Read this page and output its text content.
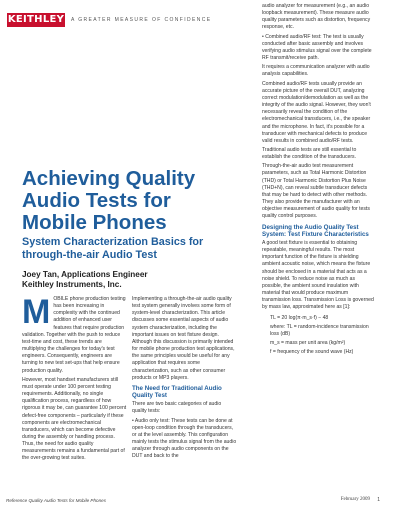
KEITHLEY A GREATER MEASURE OF CONFIDENCE
Achieving Quality Audio Tests for Mobile Phones
System Characterization Basics for through-the-air Audio Test
Joey Tan, Applications Engineer
Keithley Instruments, Inc.

MOBILE phone production testing has been increasing in complexity with the continued addition of enhanced user features that require production validation. Together with the push to reduce test-time and cost, these trends are multiplying the challenges for today's test engineers. Consequently, engineers are turning to new test set-ups that help ensure production quality.

However, most handset manufacturers still must operate under 100 percent testing requirements. Additionally, no single qualification process, regardless of how rigorous it may be, can guarantee 100 percent defect-free components – particularly if these components are electromechanical transducers, which can become defective during the assembly or handling process. Thus, the need for audio quality measurements remains a fundamental part of the over-growing test suites.

Implementing a through-the-air audio quality test system generally involves some form of system-level characterization. This article discusses some essential aspects of audio system characterization, including the important issues on test fixture design. Although this discussion is primarily intended for mobile phone production test applications, the same principles would be useful for any application that requires some characterization, such as other consumer products or MP3 players.

The Need for Traditional Audio Quality Test

There are two basic categories of audio quality tests:

• Audio only test: These tests can be done at open-loop condition through the transducers, or at the level assembly. This configuration mainly tests the stimulus signal from the audio analyzer through audio components on the DUT and back to the

audio analyzer for measurement (e.g., an audio loopback measurement). These measure audio quality parameters such as distortion, frequency response, etc.

• Combined audio/RF test: The test is usually conducted after basic assembly and involves verifying audio stimulus signal over the complete RF transmit/receive path.

It requires a communication analyzer with audio analysis capabilities.

Combined audio/RF tests usually provide an accurate picture of the overall DUT, analyzing correct modulation/demodulation as well as the integrity of the audio signal. However, they won't necessarily reveal the condition of the electromechanical transducers, i.e., the speaker and the microphone. In fact, it's possible for a transducer with mechanical defects to produce valid results in combined audio/RF tests.

Traditional audio tests are still essential to establish the condition of the transducers.

Through-the-air audio test measurement parameters, such as Total Harmonic Distortion (THD) or Total Harmonic Distortion Plus Noise (THD+N), can reveal subtle transducer defects that may be hard to detect with other methods. They also provide the manufacturer with an objective measurement of audio quality for tests quality control purposes.

Designing the Audio Quality Test System: Test Fixture Characteristics

A good test fixture is essential to obtaining repeatable, meaningful results. The most important function of the fixture is shielding ambient acoustic noise, which means the fixture should be enclosed in a material that acts as a noise shield. To reduce noise as much as possible, the ambient sound insulation with material that would produce maximum transmission loss. Transmission Loss is governed by mass law, approximated here as [1]:

TL = 20 log(π·m_s·f) − 48

where: TL = random-incidence transmission loss (dB)

m_s = mass per unit area (kg/m²)

f = frequency of the sound wave (Hz)

Reference Quality Audio Tests for Mobile Phones	February 2009 1
